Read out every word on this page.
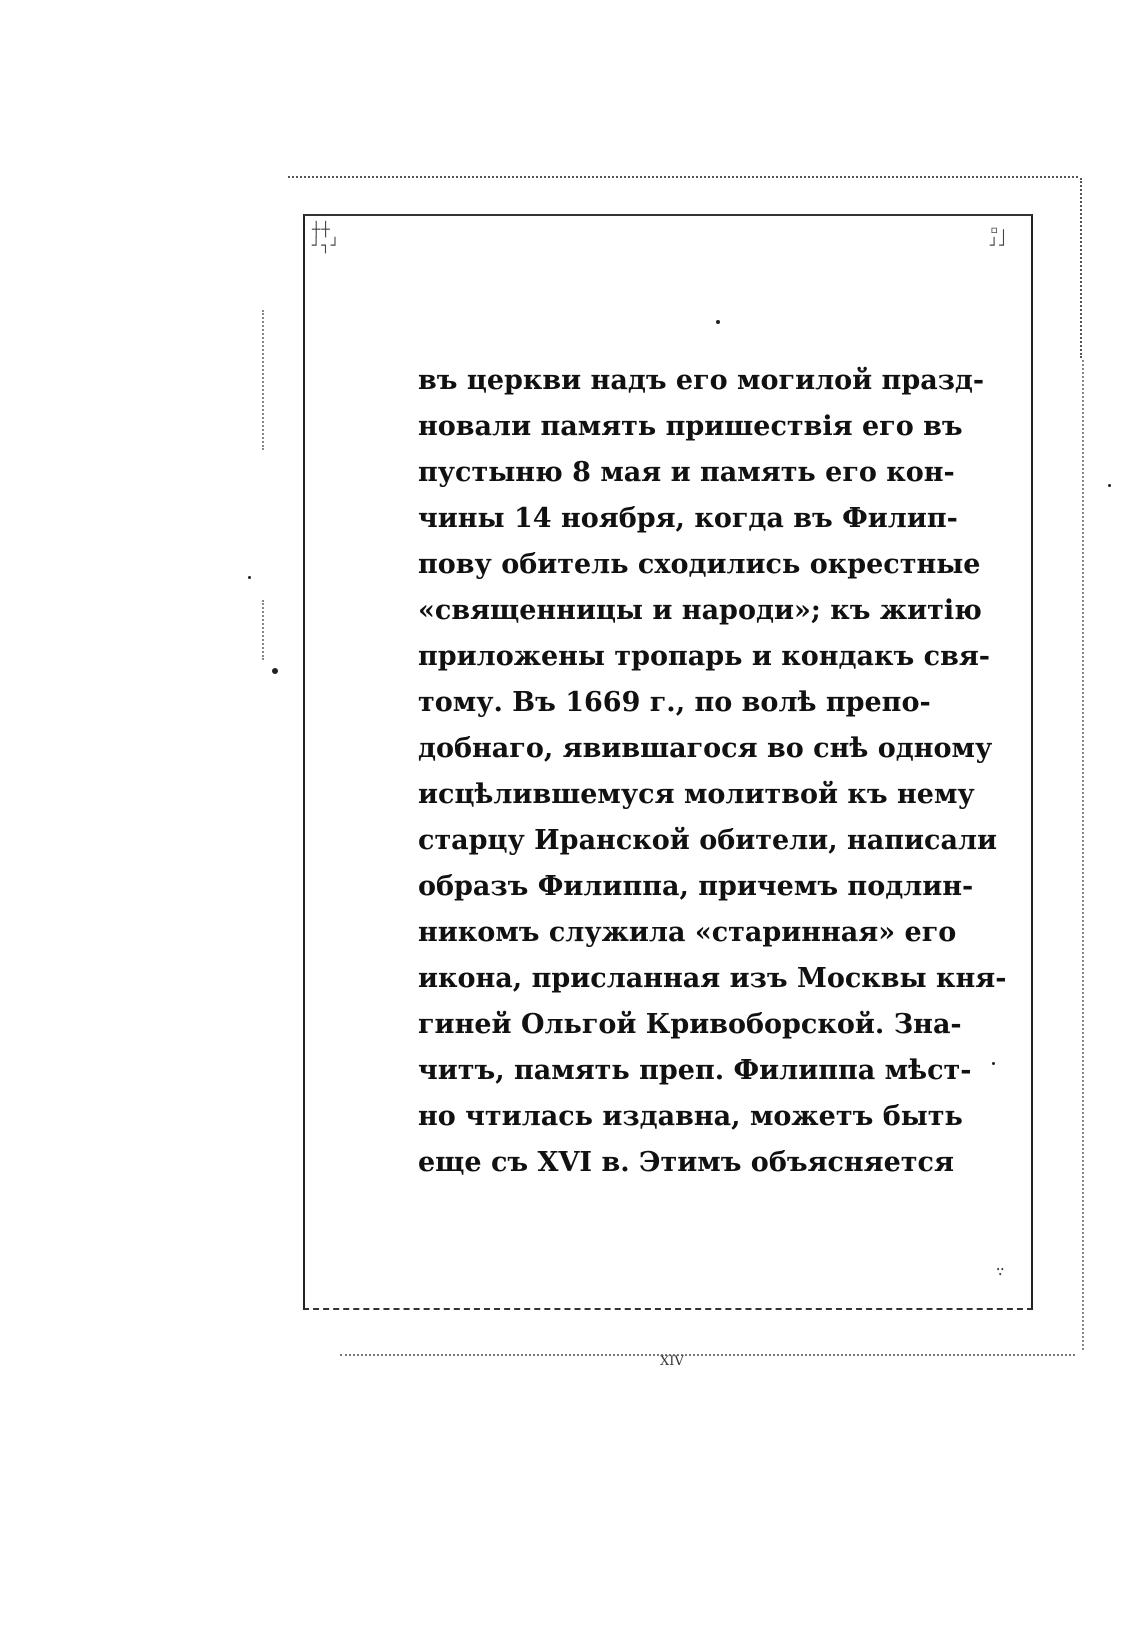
┼┼
┘┐┘
▫╷
┘┘
∵
въ церкви надъ его могилой празд-
новали память пришествія его въ
пустыню 8 мая и память его кон-
чины 14 ноября, когда въ Филип-
пову обитель сходились окрестные
«священницы и народи»; къ житію
приложены тропарь и кондакъ свя-
тому. Въ 1669 г., по волѣ препо-
добнаго, явившагося во снѣ одному
исцѣлившемуся молитвой къ нему
старцу Иранской обители, написали
образъ Филиппа, причемъ подлин-
никомъ служила «старинная» его
икона, присланная изъ Москвы кня-
гиней Ольгой Кривоборской. Зна-
читъ, память преп. Филиппа мѣст-
но чтилась издавна, можетъ быть
еще съ XVI в. Этимъ объясняется
XIV
